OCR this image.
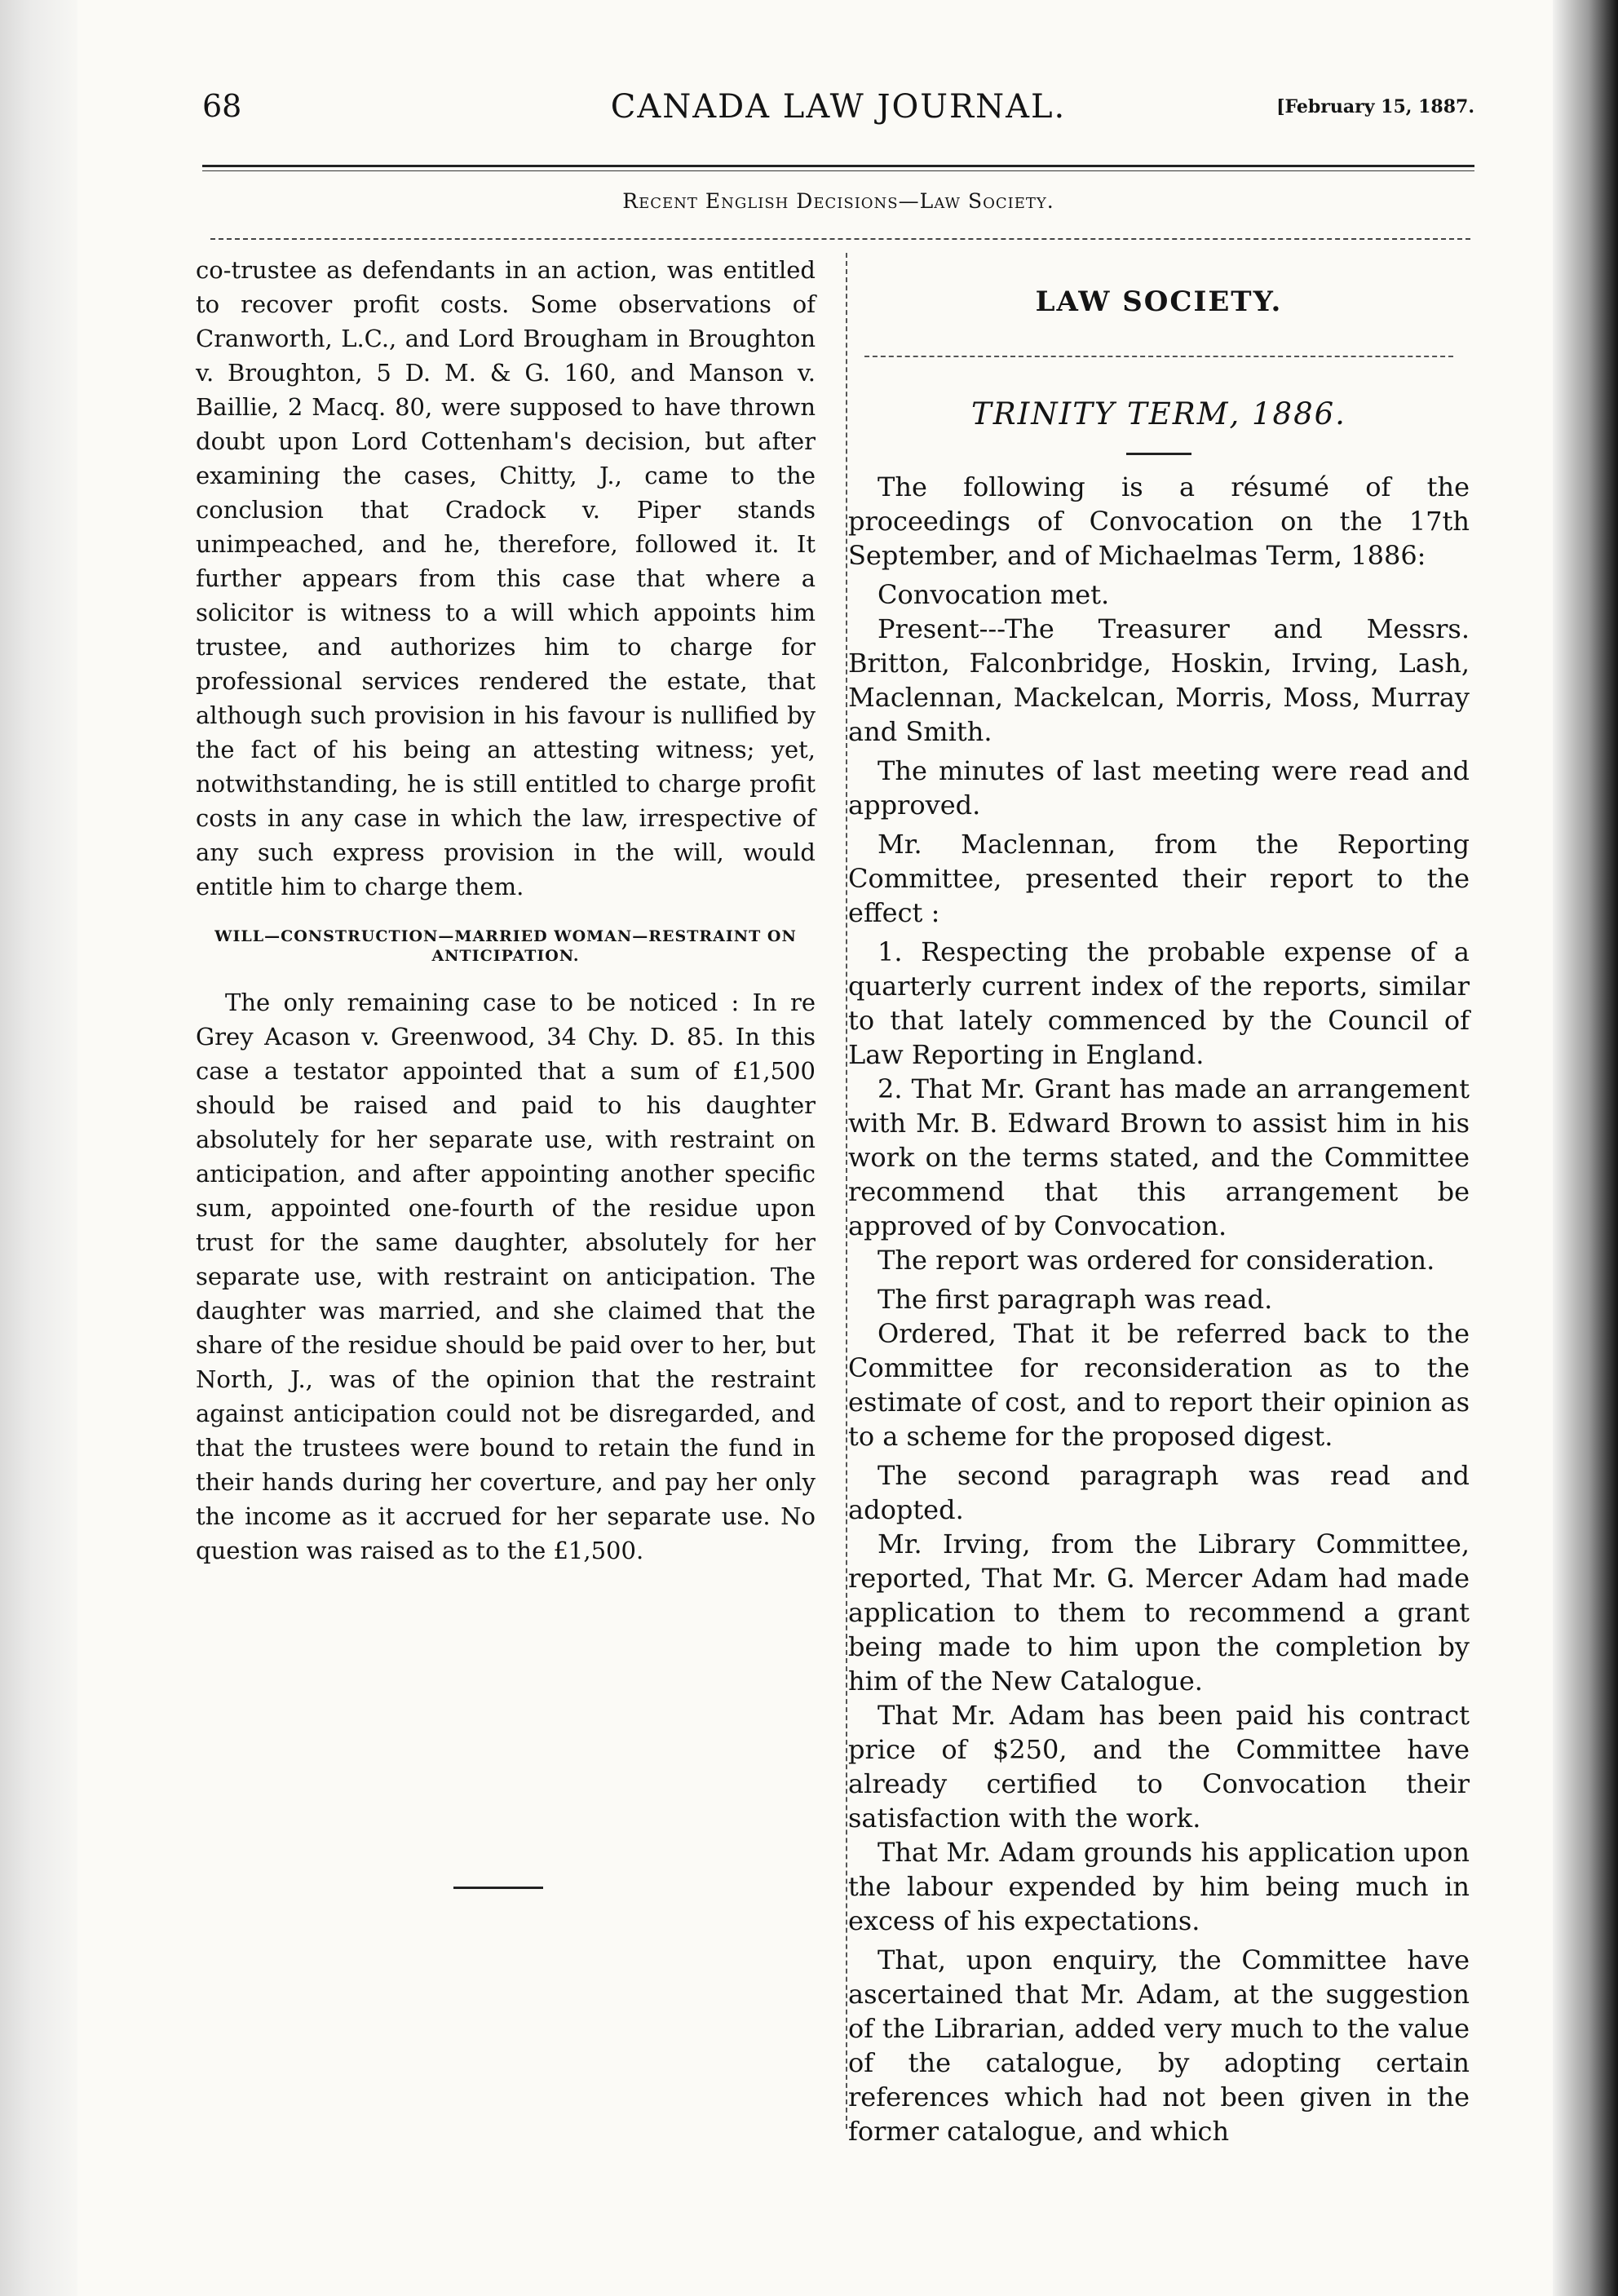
68	CANADA LAW JOURNAL.	[February 15, 1887.
Recent English Decisions—Law Society.

co-trustee as defendants in an action, was entitled to recover profit costs. Some observations of Cranworth, L.C., and Lord Brougham in Broughton v. Broughton, 5 D. M. & G. 160, and Manson v. Baillie, 2 Macq. 80, were supposed to have thrown doubt upon Lord Cottenham's decision, but after examining the cases, Chitty, J., came to the conclusion that Cradock v. Piper stands unimpeached, and he, therefore, followed it. It further appears from this case that where a solicitor is witness to a will which appoints him trustee, and authorizes him to charge for professional services rendered the estate, that although such provision in his favour is nullified by the fact of his being an attesting witness; yet, notwithstanding, he is still entitled to charge profit costs in any case in which the law, irrespective of any such express provision in the will, would entitle him to charge them.

WILL—CONSTRUCTION—MARRIED WOMAN—RESTRAINT ON ANTICIPATION.

The only remaining case to be noticed : In re Grey Acason v. Greenwood, 34 Chy. D. 85. In this case a testator appointed that a sum of £1,500 should be raised and paid to his daughter absolutely for her separate use, with restraint on anticipation, and after appointing another specific sum, appointed one-fourth of the residue upon trust for the same daughter, absolutely for her separate use, with restraint on anticipation. The daughter was married, and she claimed that the share of the residue should be paid over to her, but North, J., was of the opinion that the restraint against anticipation could not be disregarded, and that the trustees were bound to retain the fund in their hands during her coverture, and pay her only the income as it accrued for her separate use. No question was raised as to the £1,500.

LAW SOCIETY.
TRINITY TERM, 1886.

The following is a résumé of the proceedings of Convocation on the 17th September, and of Michaelmas Term, 1886:

Convocation met.

Present---The Treasurer and Messrs. Britton, Falconbridge, Hoskin, Irving, Lash, Maclennan, Mackelcan, Morris, Moss, Murray and Smith.

The minutes of last meeting were read and approved.

Mr. Maclennan, from the Reporting Committee, presented their report to the effect :

1. Respecting the probable expense of a quarterly current index of the reports, similar to that lately commenced by the Council of Law Reporting in England.

2. That Mr. Grant has made an arrangement with Mr. B. Edward Brown to assist him in his work on the terms stated, and the Committee recommend that this arrangement be approved of by Convocation.

The report was ordered for consideration.

The first paragraph was read.

Ordered, That it be referred back to the Committee for reconsideration as to the estimate of cost, and to report their opinion as to a scheme for the proposed digest.

The second paragraph was read and adopted.

Mr. Irving, from the Library Committee, reported, That Mr. G. Mercer Adam had made application to them to recommend a grant being made to him upon the completion by him of the New Catalogue.

That Mr. Adam has been paid his contract price of $250, and the Committee have already certified to Convocation their satisfaction with the work.

That Mr. Adam grounds his application upon the labour expended by him being much in excess of his expectations.

That, upon enquiry, the Committee have ascertained that Mr. Adam, at the suggestion of the Librarian, added very much to the value of the catalogue, by adopting certain references which had not been given in the former catalogue, and which
